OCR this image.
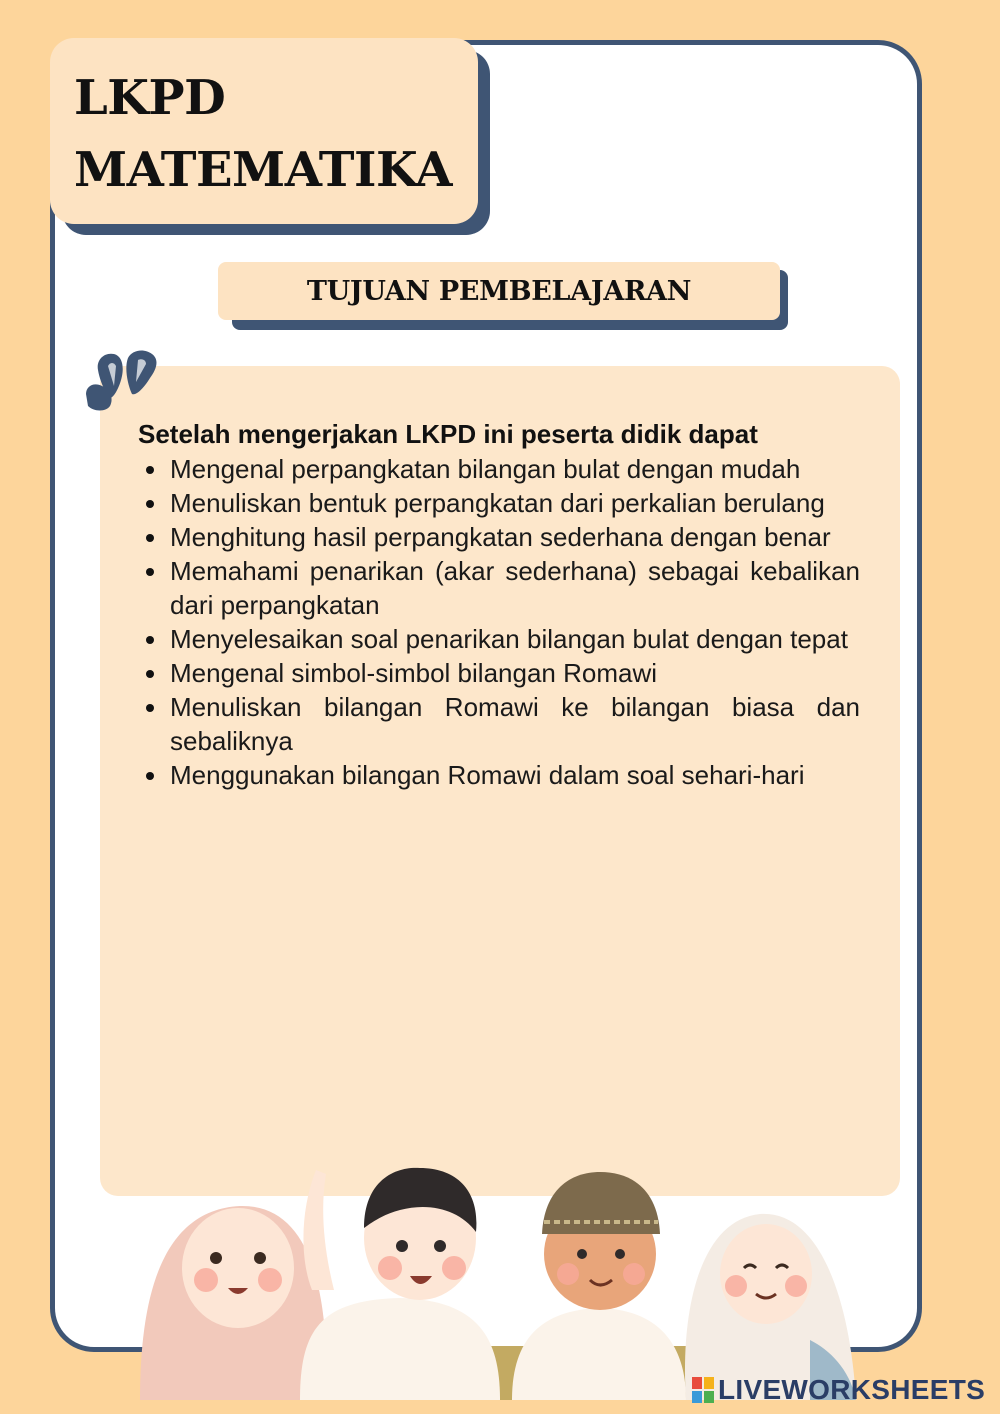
LKPD
MATEMATIKA
TUJUAN PEMBELAJARAN
Setelah mengerjakan LKPD ini peserta didik dapat
Mengenal perpangkatan bilangan bulat dengan mudah
Menuliskan bentuk perpangkatan dari perkalian berulang
Menghitung hasil perpangkatan sederhana dengan benar
Memahami penarikan (akar sederhana) sebagai kebalikan dari perpangkatan
Menyelesaikan soal penarikan bilangan bulat dengan tepat
Mengenal simbol-simbol bilangan Romawi
Menuliskan bilangan Romawi ke bilangan biasa dan sebaliknya
Menggunakan bilangan Romawi dalam soal sehari-hari
LIVEWORKSHEETS
